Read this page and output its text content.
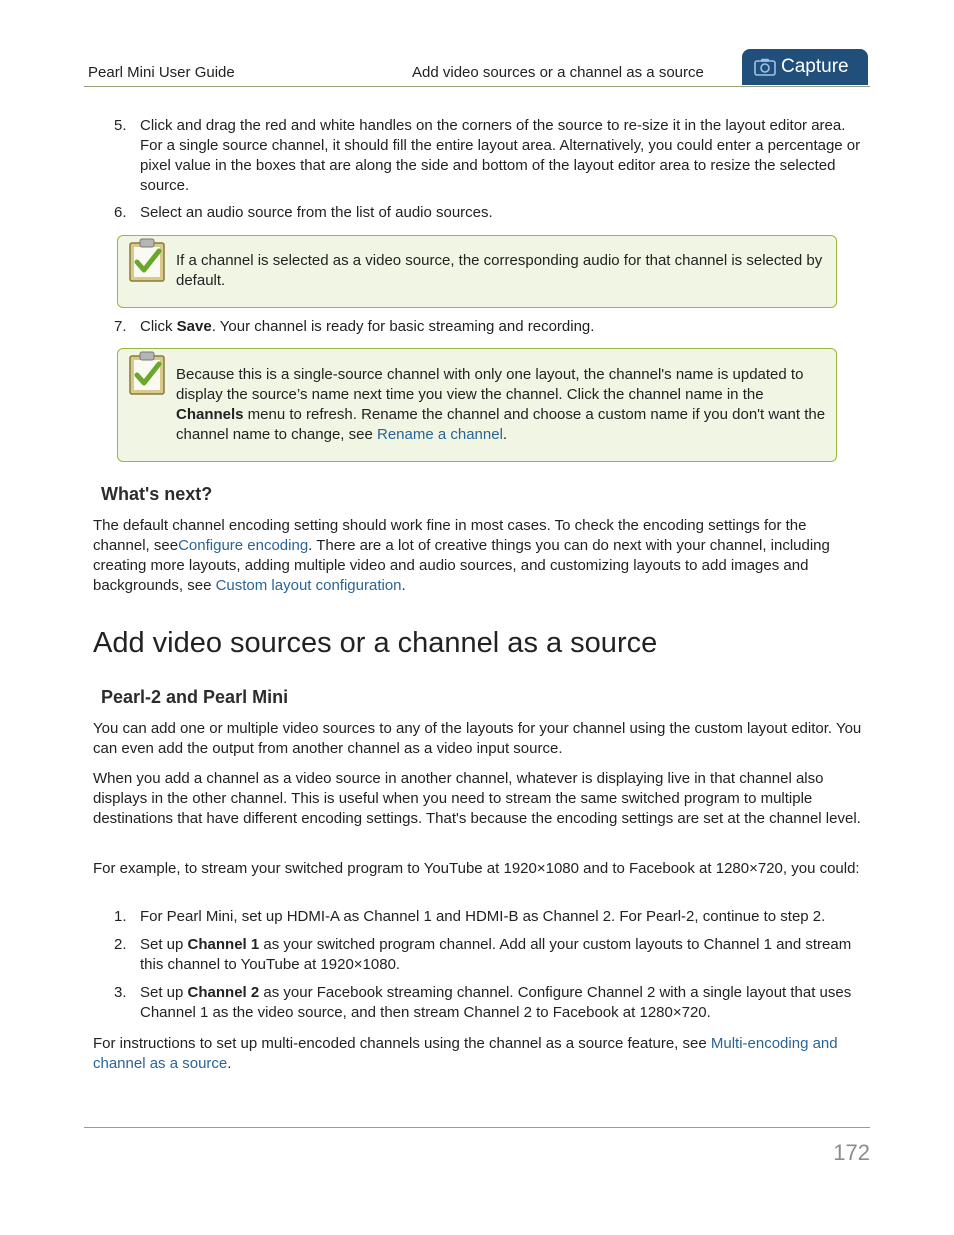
Pearl Mini User Guide	Add video sources or a channel as a source	Capture
5. Click and drag the red and white handles on the corners of the source to re-size it in the layout editor area. For a single source channel, it should fill the entire layout area. Alternatively, you could enter a percentage or pixel value in the boxes that are along the side and bottom of the layout editor area to resize the selected source.
6. Select an audio source from the list of audio sources.
If a channel is selected as a video source, the corresponding audio for that channel is selected by default.
7. Click Save. Your channel is ready for basic streaming and recording.
Because this is a single-source channel with only one layout, the channel's name is updated to display the source’s name next time you view the channel. Click the channel name in the Channels menu to refresh. Rename the channel and choose a custom name if you don't want the channel name to change, see Rename a channel.
What's next?
The default channel encoding setting should work fine in most cases. To check the encoding settings for the channel, seeConfigure encoding. There are a lot of creative things you can do next with your channel, including creating more layouts, adding multiple video and audio sources, and customizing layouts to add images and backgrounds, see Custom layout configuration.
Add video sources or a channel as a source
Pearl-2 and Pearl Mini
You can add one or multiple video sources to any of the layouts for your channel using the custom layout editor. You can even add the output from another channel as a video input source.
When you add a channel as a video source in another channel, whatever is displaying live in that channel also displays in the other channel. This is useful when you need to stream the same switched program to multiple destinations that have different encoding settings. That's because the encoding settings are set at the channel level.
For example, to stream your switched program to YouTube at 1920×1080 and to Facebook at 1280×720, you could:
1. For Pearl Mini, set up HDMI-A as Channel 1 and HDMI-B as Channel 2. For Pearl-2, continue to step 2.
2. Set up Channel 1 as your switched program channel. Add all your custom layouts to Channel 1 and stream this channel to YouTube at 1920×1080.
3. Set up Channel 2 as your Facebook streaming channel. Configure Channel 2 with a single layout that uses Channel 1 as the video source, and then stream Channel 2 to Facebook at 1280×720.
For instructions to set up multi-encoded channels using the channel as a source feature, see Multi-encoding and channel as a source.
172
